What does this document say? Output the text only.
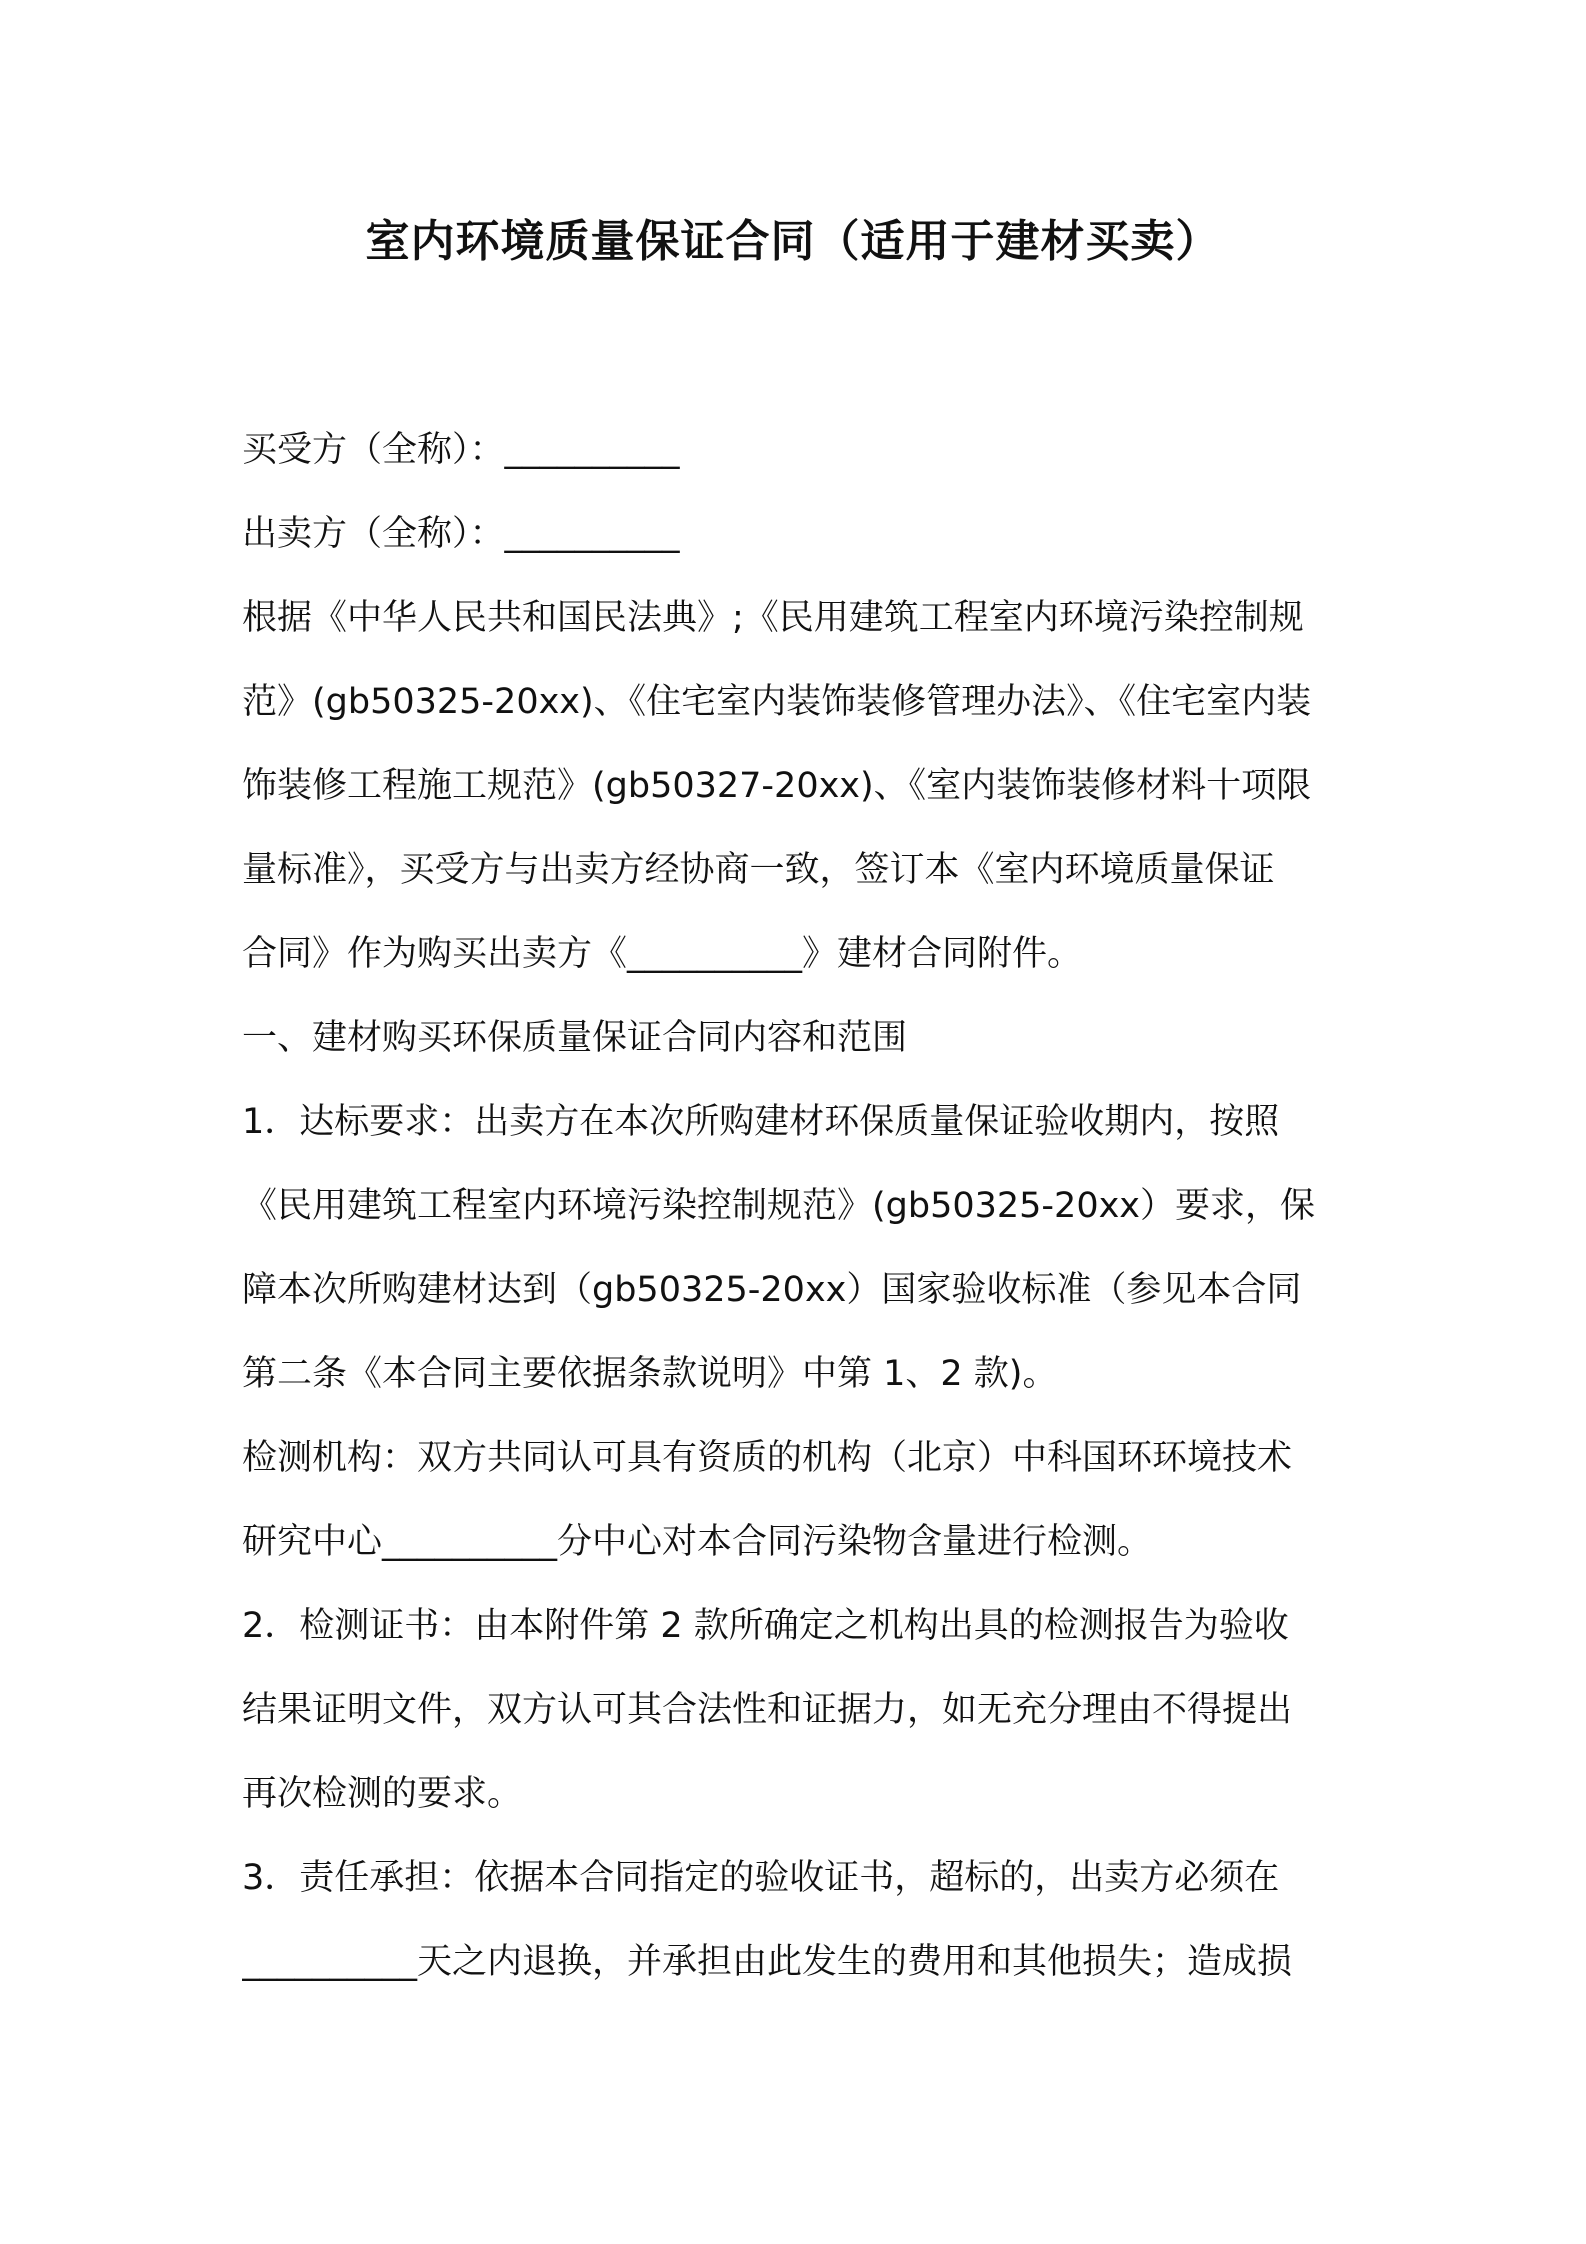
室内环境质量保证合同（适用于建材买卖）
买受方（全称）：__________
出卖方（全称）：__________
根据《中华人民共和国民法典》;《民用建筑工程室内环境污染控制规
范》(gb50325-20xx)、《住宅室内装饰装修管理办法》、《住宅室内装
饰装修工程施工规范》(gb50327-20xx)、《室内装饰装修材料十项限
量标准》，买受方与出卖方经协商一致，签订本《室内环境质量保证
合同》作为购买出卖方《__________》建材合同附件。
一、建材购买环保质量保证合同内容和范围
1．达标要求：出卖方在本次所购建材环保质量保证验收期内，按照
《民用建筑工程室内环境污染控制规范》(gb50325-20xx）要求，保
障本次所购建材达到（gb50325-20xx）国家验收标准（参见本合同
第二条《本合同主要依据条款说明》中第 1、2 款)。
检测机构：双方共同认可具有资质的机构（北京）中科国环环境技术
研究中心__________分中心对本合同污染物含量进行检测。
2．检测证书：由本附件第 2 款所确定之机构出具的检测报告为验收
结果证明文件，双方认可其合法性和证据力，如无充分理由不得提出
再次检测的要求。
3．责任承担：依据本合同指定的验收证书，超标的，出卖方必须在
__________天之内退换，并承担由此发生的费用和其他损失；造成损
